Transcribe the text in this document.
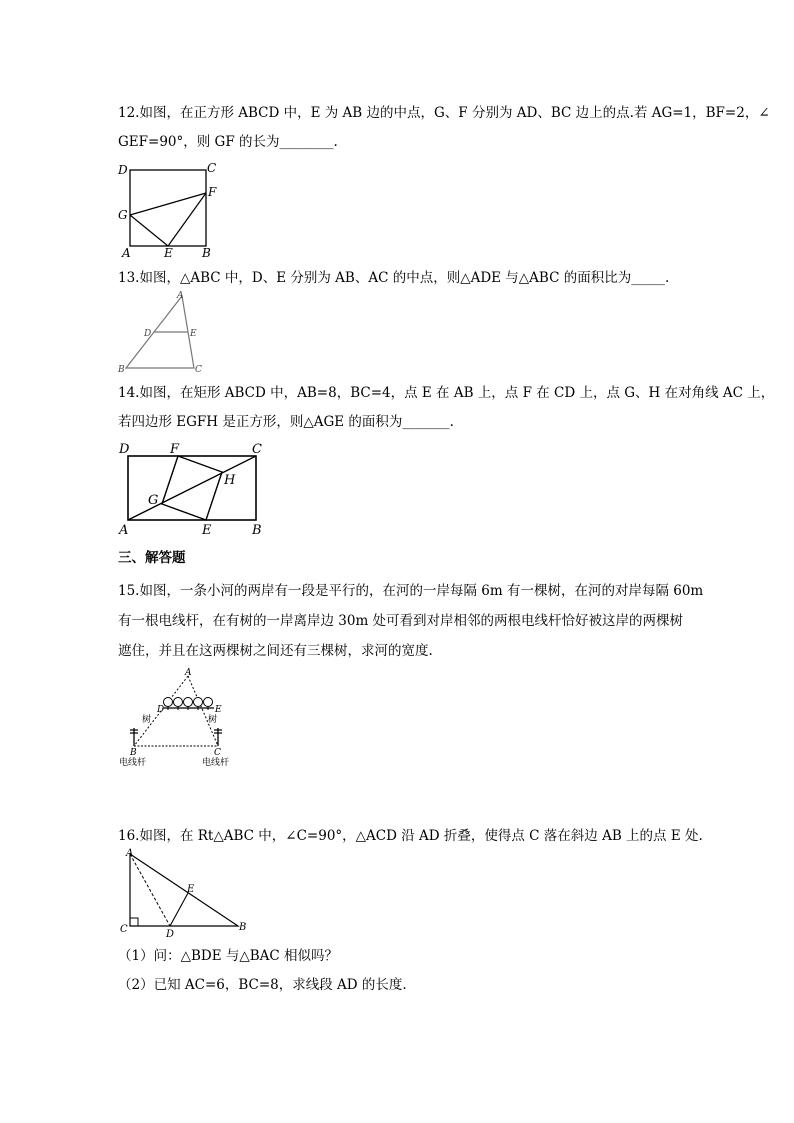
12.如图，在正方形 ABCD 中，E 为 AB 边的中点，G、F 分别为 AD、BC 边上的点.若 AG=1，BF=2，∠
GEF=90°，则 GF 的长为________.
D	C
F
G
A	E B
13.如图，△ABC 中，D、E 分别为 AB、AC 的中点，则△ADE 与△ABC 的面积比为_____.
A
D	E
B	C
14.如图，在矩形 ABCD 中，AB=8，BC=4，点 E 在 AB 上，点 F 在 CD 上，点 G、H 在对角线 AC 上，
若四边形 EGFH 是正方形，则△AGE 的面积为_______.
D	F	C
G
H
A	E	B
三、解答题
15.如图，一条小河的两岸有一段是平行的，在河的一岸每隔 6m 有一棵树，在河的对岸每隔 60m
有一根电线杆，在有树的一岸离岸边 30m 处可看到对岸相邻的两根电线杆恰好被这岸的两棵树
遮住，并且在这两棵树之间还有三棵树，求河的宽度.
A
D	E
树	树
B	C
电线杆	电线杆
16.如图，在 Rt△ABC 中，∠C=90°，△ACD 沿 AD 折叠，使得点 C 落在斜边 AB 上的点 E 处.
A
E
C	D
B
（1）问：△BDE 与△BAC 相似吗？
（2）已知 AC=6，BC=8，求线段 AD 的长度.
